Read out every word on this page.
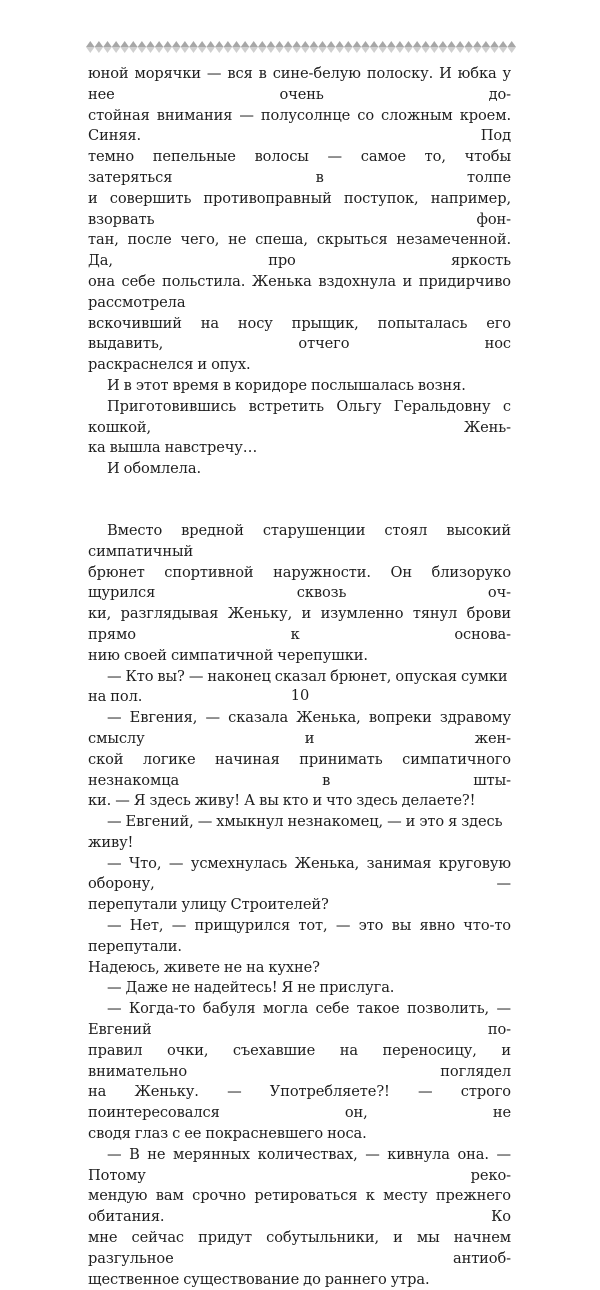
юной морячки — вся в сине-белую полоску. И юбка у нее очень до-
стойная внимания — полусолнце со сложным кроем. Синяя. Под
темно пепельные волосы — самое то, чтобы затеряться в толпе
и совершить противоправный поступок, например, взорвать фон-
тан, после чего, не спеша, скрыться незамеченной. Да, про яркость
она себе польстила. Женька вздохнула и придирчиво рассмотрела
вскочивший на носу прыщик, попыталась его выдавить, отчего нос
раскраснелся и опух.

И в этот время в коридоре послышалась возня.

Приготовившись встретить Ольгу Геральдовну с кошкой, Жень-
ка вышла навстречу…

И обомлела.

Вместо вредной старушенции стоял высокий симпатичный
брюнет спортивной наружности. Он близоруко щурился сквозь оч-
ки, разглядывая Женьку, и изумленно тянул брови прямо к основа-
нию своей симпатичной черепушки.

— Кто вы? — наконец сказал брюнет, опуская сумки на пол.

— Евгения, — сказала Женька, вопреки здравому смыслу и жен-
ской логике начиная принимать симпатичного незнакомца в шты-
ки. — Я здесь живу! А вы кто и что здесь делаете?!

— Евгений, — хмыкнул незнакомец, — и это я здесь живу!

— Что, — усмехнулась Женька, занимая круговую оборону, —
перепутали улицу Строителей?

— Нет, — прищурился тот, — это вы явно что-то перепутали.
Надеюсь, живете не на кухне?

— Даже не надейтесь! Я не прислуга.

— Когда-то бабуля могла себе такое позволить, — Евгений по-
правил очки, съехавшие на переносицу, и внимательно поглядел
на Женьку. — Употребляете?! — строго поинтересовался он, не
сводя глаз с ее покрасневшего носа.

— В не мерянных количествах, — кивнула она. — Потому реко-
мендую вам срочно ретироваться к месту прежнего обитания. Ко
мне сейчас придут собутыльники, и мы начнем разгульное антиоб-
щественное существование до раннего утра.

10
